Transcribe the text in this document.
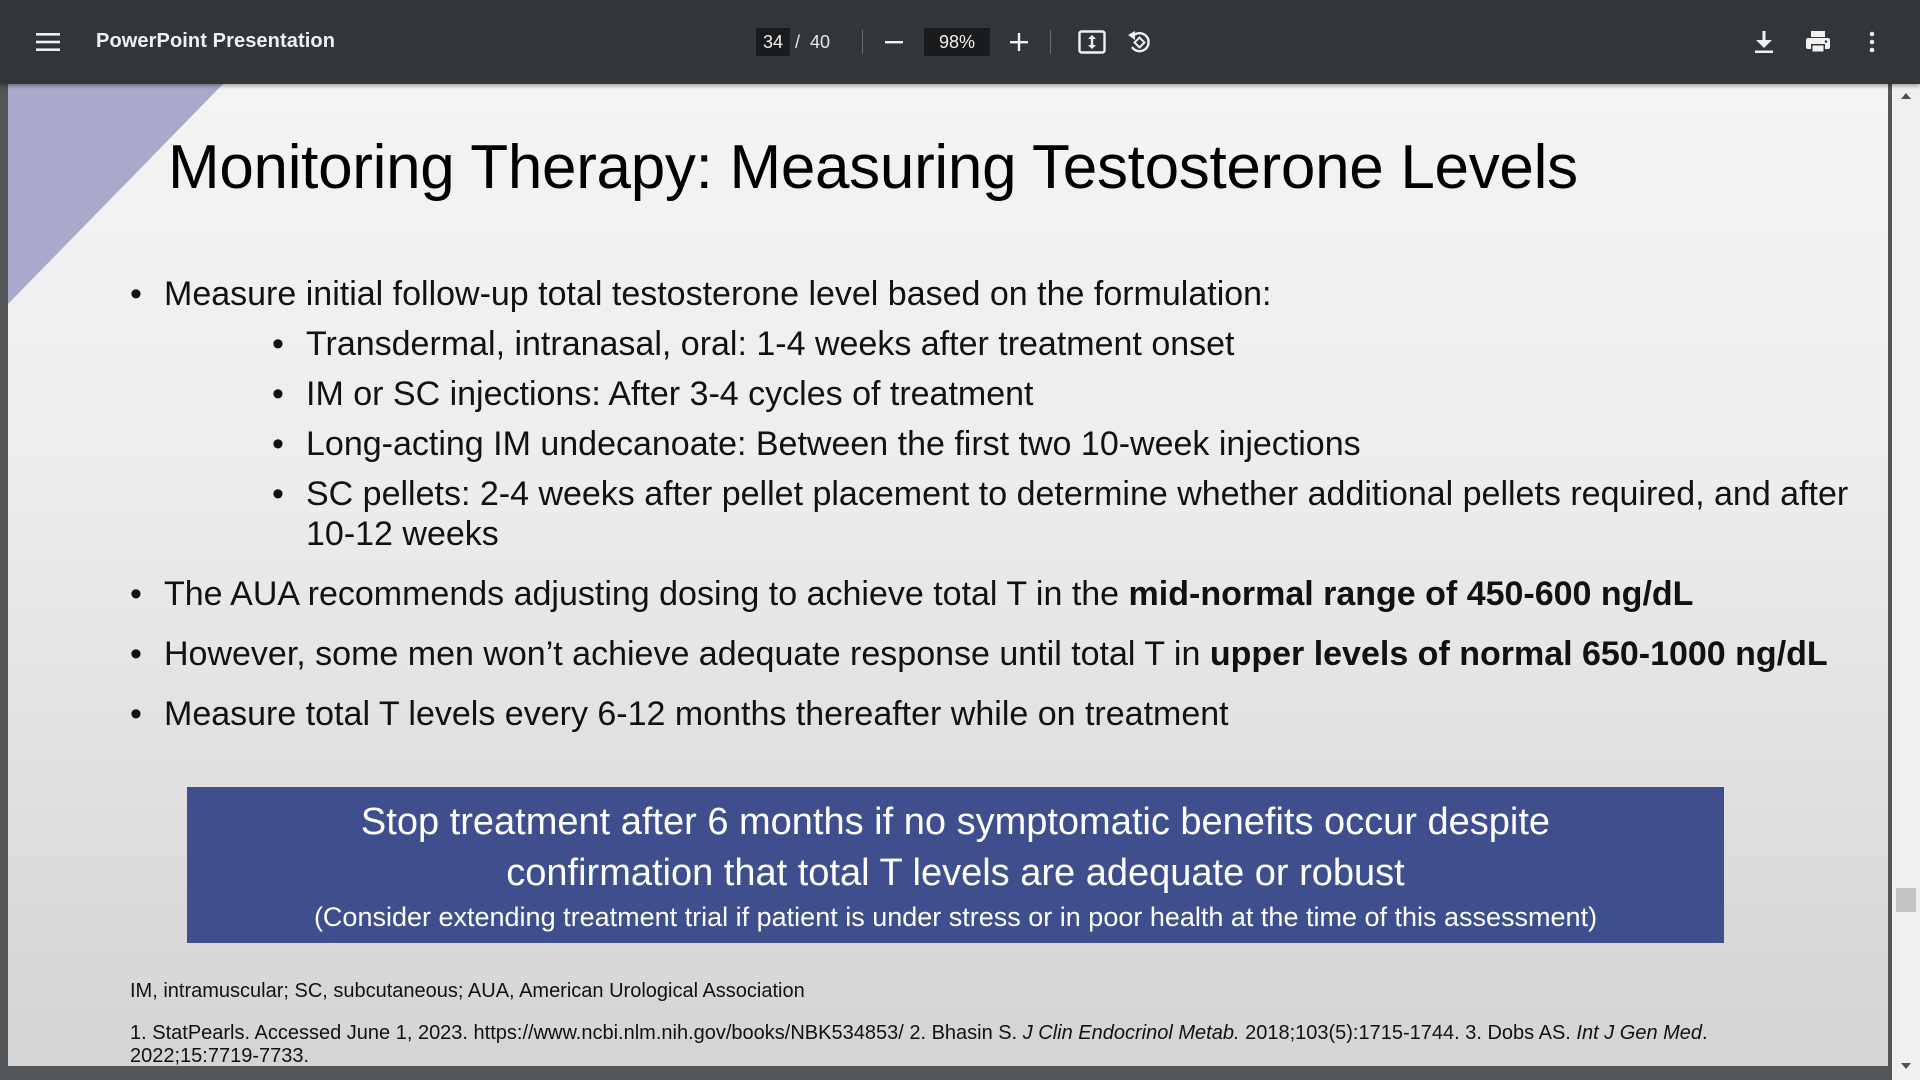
PowerPoint Presentation
34	/ 40
98%
Monitoring Therapy: Measuring Testosterone Levels
• Measure initial follow-up total testosterone level based on the formulation:
• Transdermal, intranasal, oral: 1-4 weeks after treatment onset
• IM or SC injections: After 3-4 cycles of treatment
• Long-acting IM undecanoate: Between the first two 10-week injections
• SC pellets: 2-4 weeks after pellet placement to determine whether additional pellets required, and after 10-12 weeks
• The AUA recommends adjusting dosing to achieve total T in the mid-normal range of 450-600 ng/dL
• However, some men won’t achieve adequate response until total T in upper levels of normal 650-1000 ng/dL
• Measure total T levels every 6-12 months thereafter while on treatment
Stop treatment after 6 months if no symptomatic benefits occur despite
confirmation that total T levels are adequate or robust
(Consider extending treatment trial if patient is under stress or in poor health at the time of this assessment)
IM, intramuscular; SC, subcutaneous; AUA, American Urological Association
1. StatPearls. Accessed June 1, 2023. https://www.ncbi.nlm.nih.gov/books/NBK534853/ 2. Bhasin S. J Clin Endocrinol Metab. 2018;103(5):1715-1744. 3. Dobs AS. Int J Gen Med. 2022;15:7719-7733.
